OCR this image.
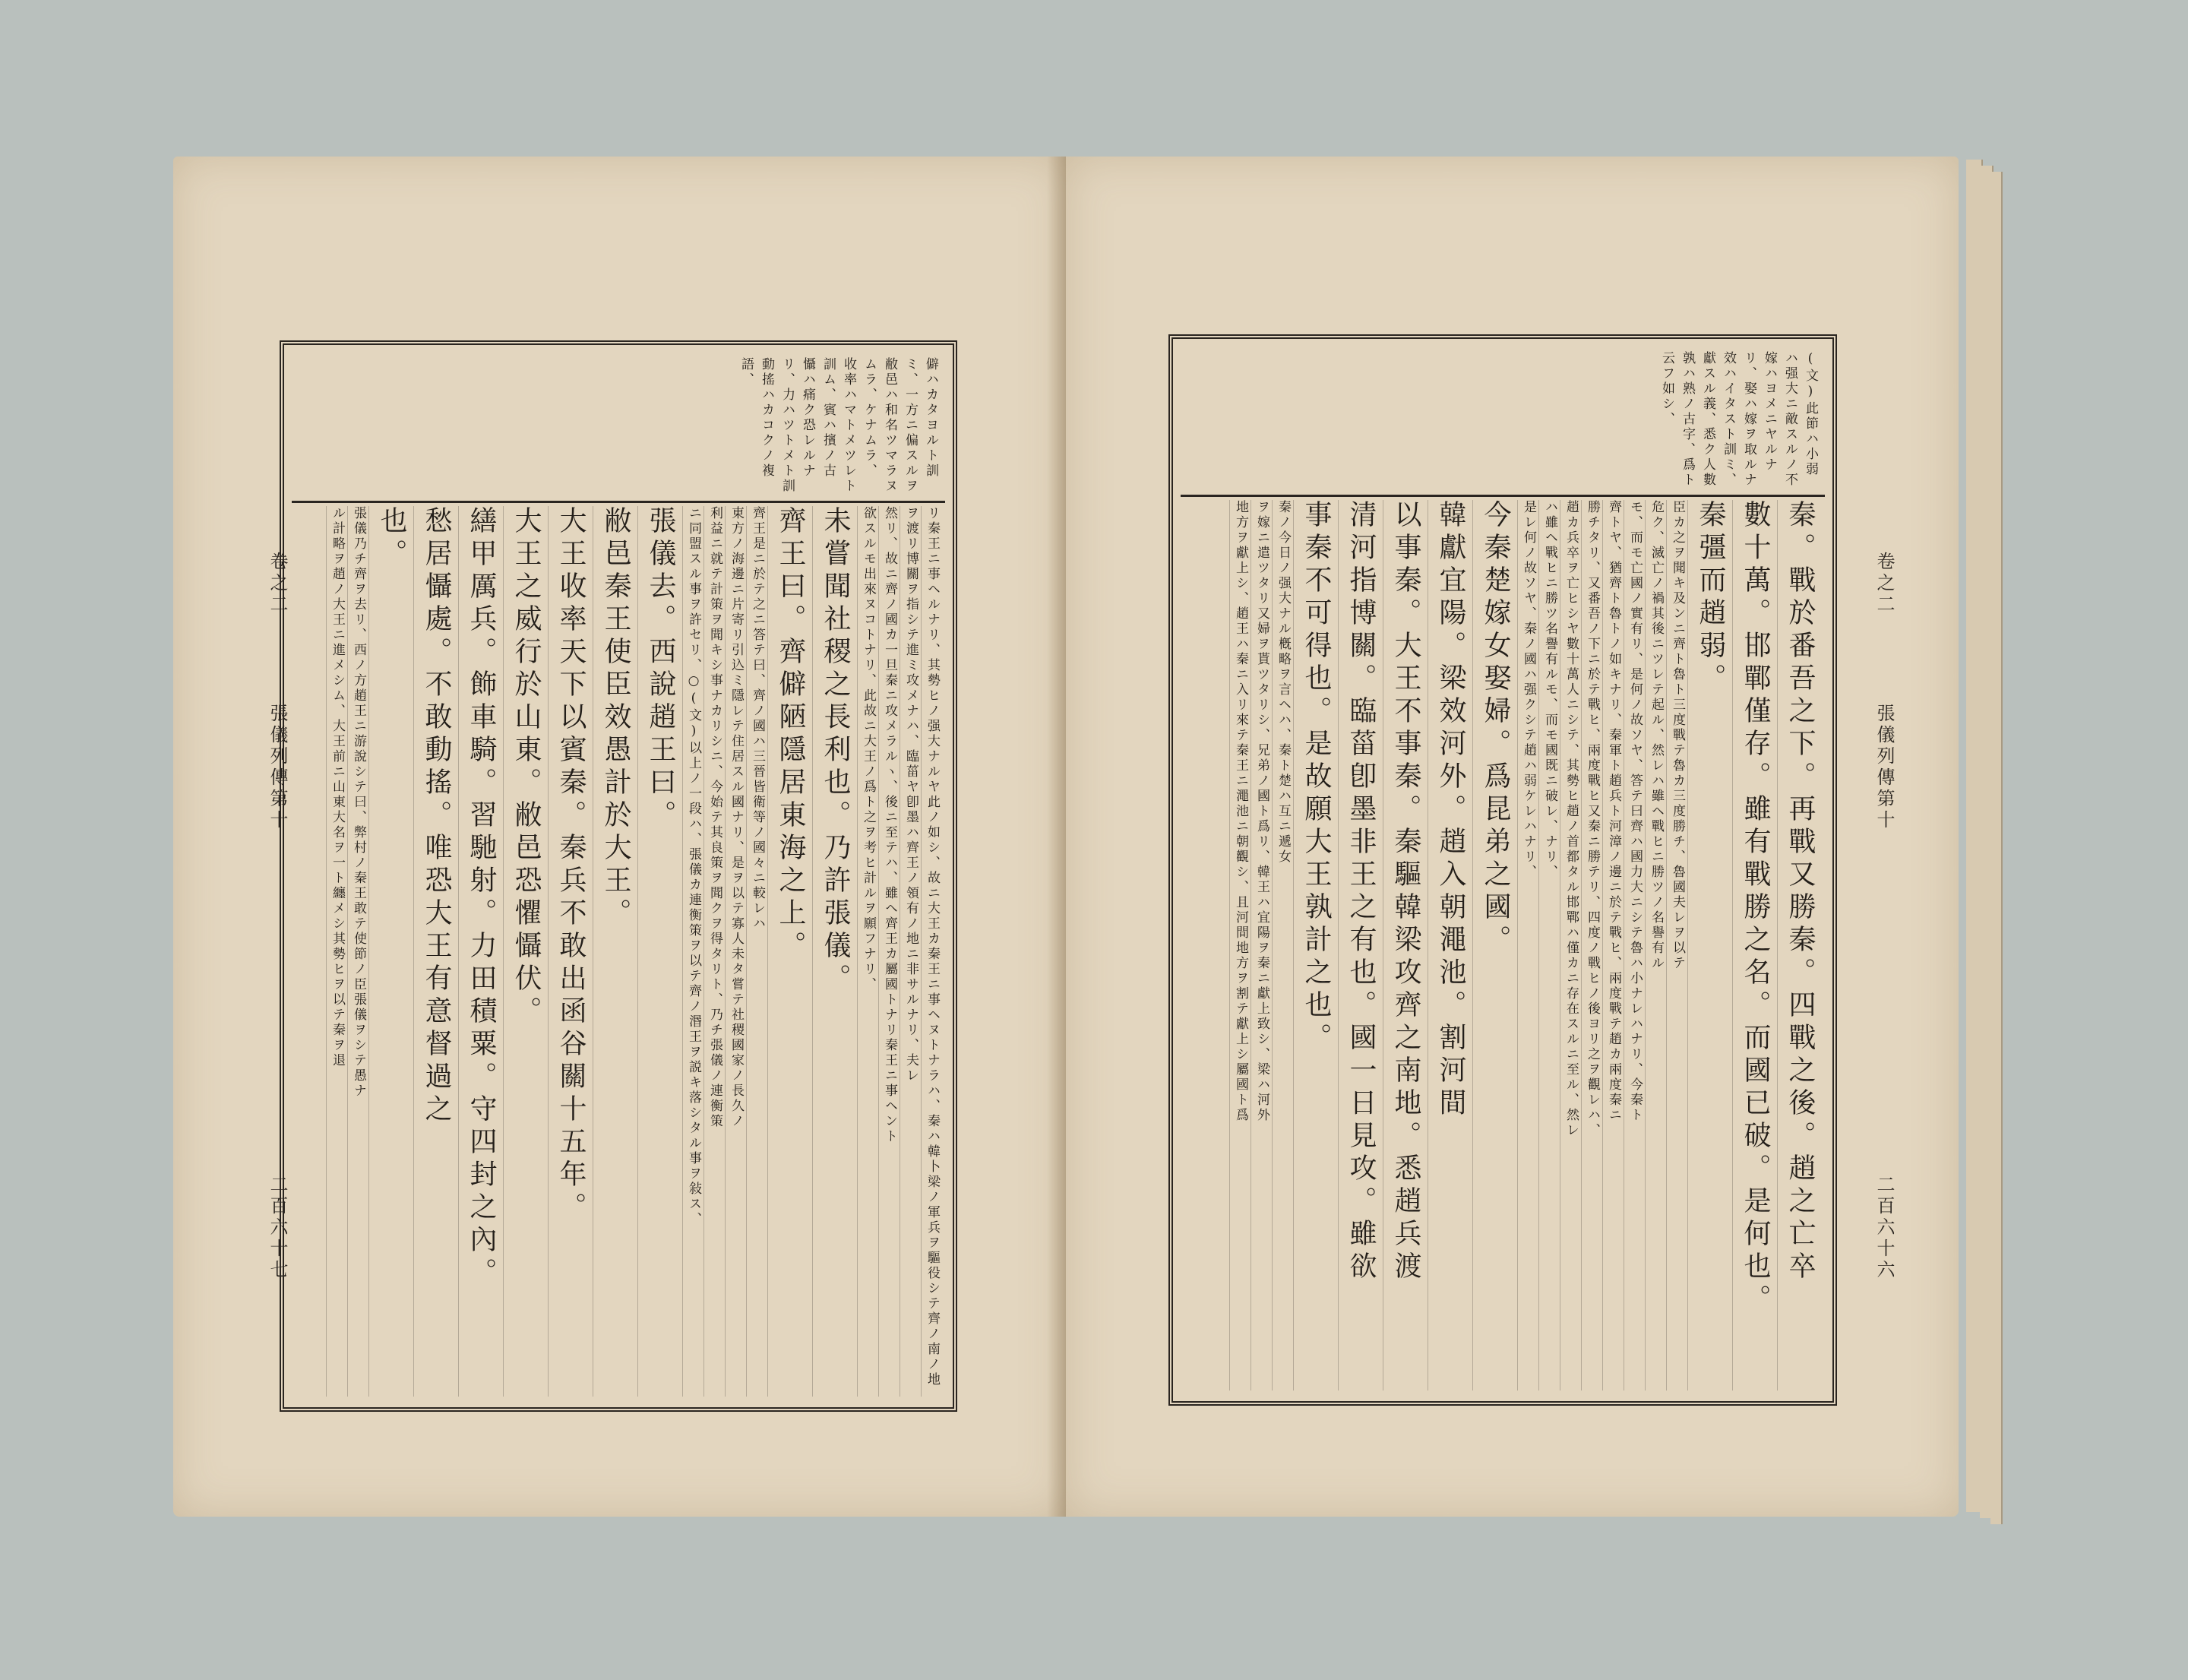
卷之二
張儀列傳第十
二百六十七
僻ハカタヨルト訓ミ、一方ニ偏スルヲ
敝邑ハ和名ツマラヌムラ、ケナムラ、
收率ハマトメツレト訓ム、賓ハ擯ノ古
懾ハ痛ク恐レルナリ、力ハツトメト訓
動搖ハカコクノ複語、
リ秦王ニ事ヘルナリ、其勢ヒノ强大ナルヤ此ノ如シ、故ニ大王カ秦王ニ事ヘヌトナラハ、秦ハ韓卜梁ノ軍兵ヲ驅役シテ齊ノ南ノ地
ヲ渡リ博關ヲ指シテ進ミ攻メナハ、臨菑ヤ卽墨ハ齊王ノ領有ノ地ニ非サルナリ、夫レ
然リ、故ニ齊ノ國カ一旦秦ニ攻メラルヽ、後ニ至テハ、雖ヘ齊王カ屬國トナリ秦王ニ事ヘント
欲スルモ出來ヌコトナリ、此故ニ大王ノ爲ト之ヲ考ヒ計ルヲ願フナリ、
未嘗聞社稷之長利也。乃許張儀。
齊王曰。齊僻陋隱居東海之上。
齊王是ニ於テ之ニ答テ曰、齊ノ國ハ三晉皆衛等ノ國々ニ較レハ
東方ノ海邊ニ片寄リ引込ミ隱レテ住居スル國ナリ、是ヲ以テ寡人未タ嘗テ社稷國家ノ長久ノ
利益ニ就テ計策ヲ聞キシ事ナカリシニ、今始テ其良策ヲ聞クヲ得タリト、乃チ張儀ノ連衡策
ニ同盟スル事ヲ許セリ、○(文)以上ノ一段ハ、張儀カ連衡策ヲ以テ齊ノ湣王ヲ説キ落シタル事ヲ敍ス、
張儀去。西說趙王曰。
敝邑秦王使臣效愚計於大王。
大王收率天下以賓秦。秦兵不敢出函谷關十五年。
大王之威行於山東。敝邑恐懼懾伏。
繕甲厲兵。飾車騎。習馳射。力田積粟。守四封之內。
愁居懾處。不敢動搖。唯恐大王有意督過之
也。
張儀乃チ齊ヲ去リ、西ノ方趙王ニ游說シテ曰、弊村ノ秦王敢テ使節ノ臣張儀ヲシテ愚ナ
ル計略ヲ趙ノ大王ニ進メシム、大王前ニ山東大名ヲ一ト纏メシ其勢ヒヲ以テ秦ヲ退	卷之二
張儀列傳第十
二百六十六
(文)此節ハ小弱ハ强大ニ敵スルノ不
嫁ハヨメニヤルナリ、娶ハ嫁ヲ取ルナ
效ハイタスト訓ミ、獻スル義、悉ク人數
孰ハ熟ノ古字、爲ト云フ如シ、
秦。戰於番吾之下。再戰又勝秦。四戰之後。趙之亡卒
數十萬。邯鄲僅存。雖有戰勝之名。而國已破。是何也。
秦彊而趙弱。
臣カ之ヲ聞キ及ンニ齊ト魯ト三度戰テ魯カ三度勝チ、魯國夫レヲ以テ
危ク、滅亡ノ禍其後ニツレテ起ル、然レハ雖ヘ戰ヒニ勝ツノ名譽有ル
モ、而モ亡國ノ實有リ、是何ノ故ソヤ、答テ曰齊ハ國力大ニシテ魯ハ小ナレハナリ、今秦ト
齊トヤ、猶齊ト魯トノ如キナリ、秦軍ト趙兵ト河漳ノ邊ニ於テ戰ヒ、兩度戰テ趙カ兩度秦ニ
勝チタリ、又番吾ノ下ニ於テ戰ヒ、兩度戰ヒ又秦ニ勝テリ、四度ノ戰ヒノ後ヨリ之ヲ觀レハ、
趙カ兵卒ヲ亡ヒシヤ數十萬人ニシテ、其勢ヒ趙ノ首都タル邯鄲ハ僅カニ存在スルニ至ル、然レ
ハ雖ヘ戰ヒニ勝ツ名譽有ルモ、而モ國既ニ破レ、ナリ、
是レ何ノ故ソヤ、秦ノ國ハ强クシテ趙ハ弱ケレハナリ、
今秦楚嫁女娶婦。爲昆弟之國。
韓獻宜陽。梁效河外。趙入朝澠池。割河間
以事秦。大王不事秦。秦驅韓梁攻齊之南地。悉趙兵渡
清河指博關。臨菑卽墨非王之有也。國一日見攻。雖欲
事秦不可得也。是故願大王孰計之也。
秦ノ今日ノ强大ナル槪略ヲ言ヘハ、秦ト楚ハ互ニ遞女
ヲ嫁ニ遣ツタリ又婦ヲ貰ツタリシ、兄弟ノ國ト爲リ、韓王ハ宜陽ヲ秦ニ獻上致シ、梁ハ河外
地方ヲ獻上シ、趙王ハ秦ニ入リ來テ秦王ニ澠池ニ朝觀シ、且河間地方ヲ割テ獻上シ屬國ト爲
